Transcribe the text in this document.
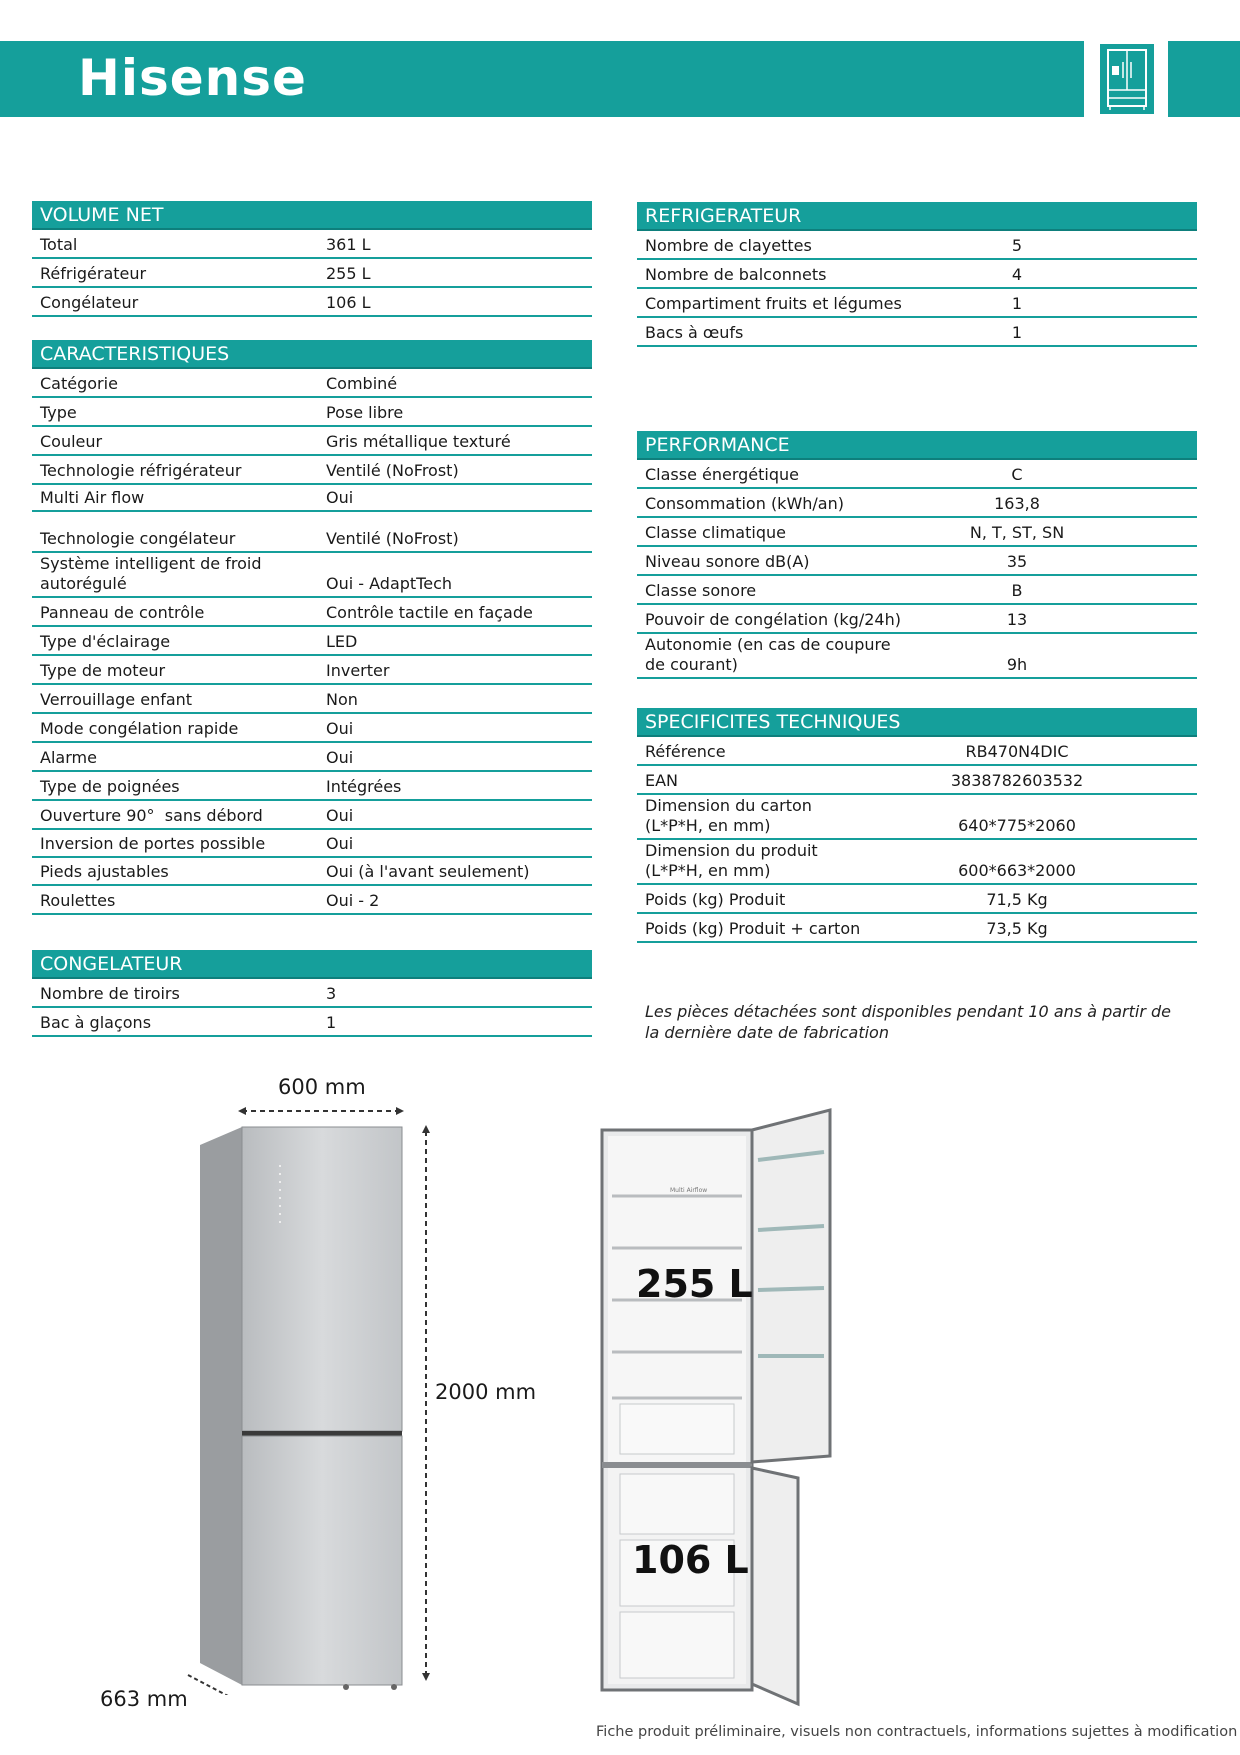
Hisense
VOLUME NET
Total	361 L
Réfrigérateur	255 L
Congélateur	106 L
CARACTERISTIQUES
Catégorie	Combiné
Type	Pose libre
Couleur	Gris métallique texturé
Technologie réfrigérateur	Ventilé (NoFrost)
Multi Air flow	Oui
Technologie congélateur	Ventilé (NoFrost)
Système intelligent de froid autorégulé	Oui - AdaptTech
Panneau de contrôle	Contrôle tactile en façade
Type d'éclairage	LED
Type de moteur	Inverter
Verrouillage enfant	Non
Mode congélation rapide	Oui
Alarme	Oui
Type de poignées	Intégrées
Ouverture 90°  sans débord	Oui
Inversion de portes possible	Oui
Pieds ajustables	Oui (à l'avant seulement)
Roulettes	Oui - 2
CONGELATEUR
Nombre de tiroirs	3
Bac à glaçons	1
REFRIGERATEUR
Nombre de clayettes	5
Nombre de balconnets	4
Compartiment fruits et légumes	1
Bacs à œufs	1
PERFORMANCE
Classe énergétique	C
Consommation (kWh/an)	163,8
Classe climatique	N, T, ST, SN
Niveau sonore dB(A)	35
Classe sonore	B
Pouvoir de congélation (kg/24h)	13
Autonomie (en cas de coupure de courant)	9h
SPECIFICITES TECHNIQUES
Référence	RB470N4DIC
EAN	3838782603532
Dimension du carton (L*P*H, en mm)	640*775*2060
Dimension du produit (L*P*H, en mm)	600*663*2000
Poids (kg) Produit	71,5 Kg
Poids (kg) Produit + carton	73,5 Kg
Les pièces détachées sont disponibles pendant 10 ans à partir de la dernière date de fabrication
600 mm
2000 mm
663 mm
Multi Airflow
255 L
106 L
Fiche produit préliminaire, visuels non contractuels, informations sujettes à modification
